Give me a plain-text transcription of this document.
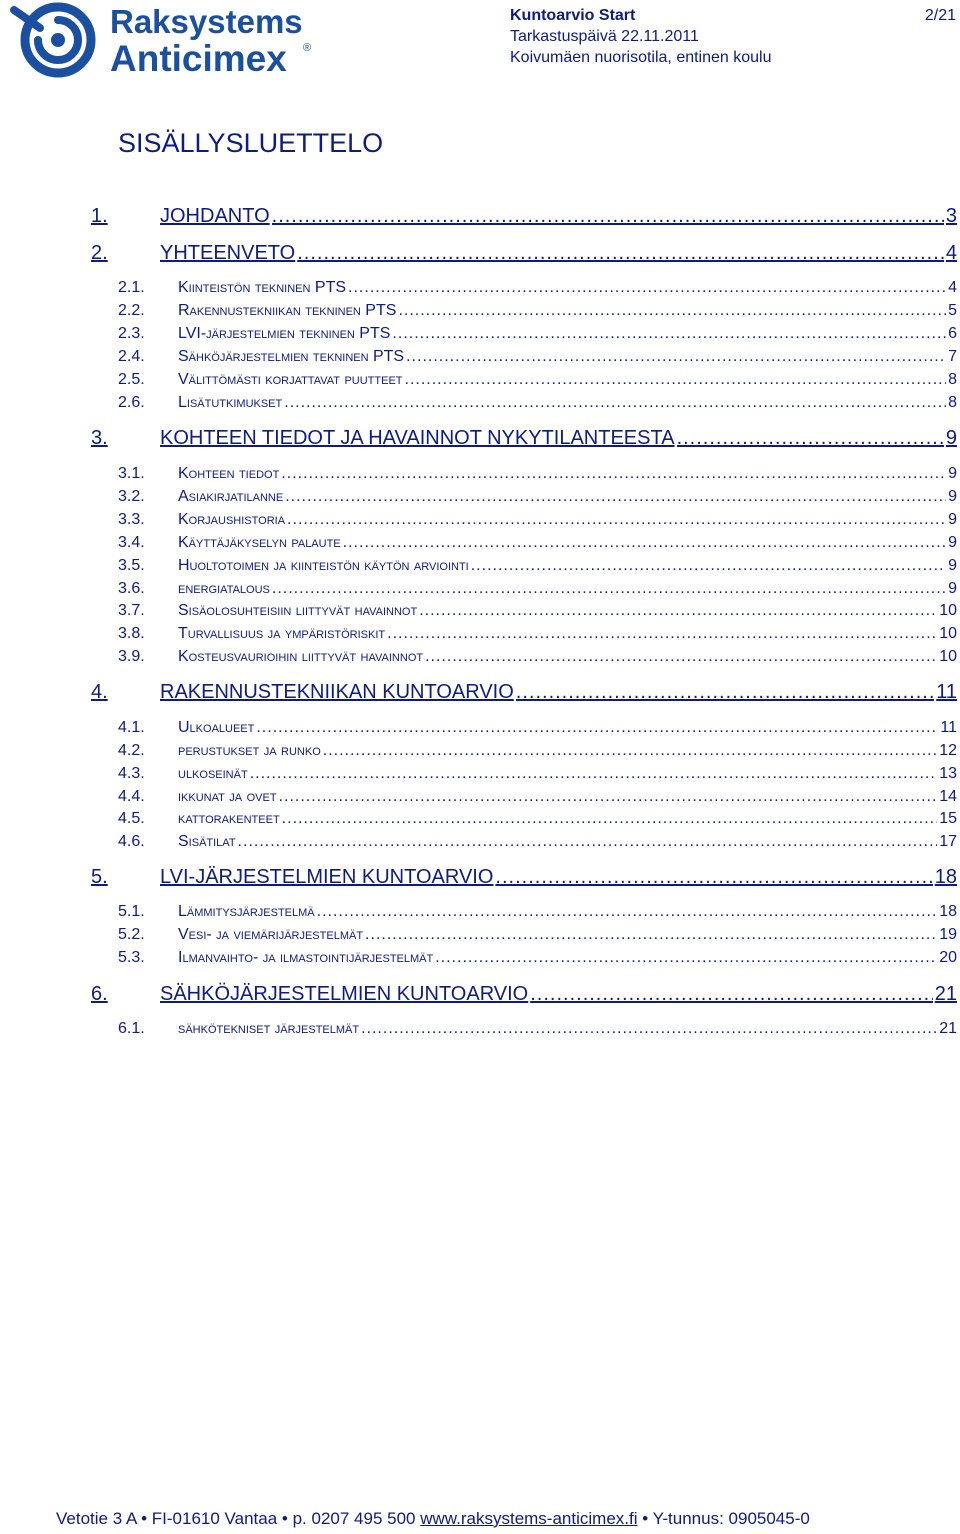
Raksystems
Anticimex ®
Kuntoarvio Start
Tarkastuspäivä 22.11.2011
Koivumäen nuorisotila, entinen koulu
2/21
SISÄLLYSLUETTELO
1.	JOHDANTO .....	3
2.	YHTEENVETO .....	4
2.1.	Kiinteistön tekninen PTS .....	4
2.2.	Rakennustekniikan tekninen PTS .....	5
2.3.	LVI-järjestelmien tekninen PTS .....	6
2.4.	Sähköjärjestelmien tekninen PTS .....	7
2.5.	Välittömästi korjattavat puutteet .....	8
2.6.	Lisätutkimukset .....	8
3.	KOHTEEN TIEDOT JA HAVAINNOT NYKYTILANTEESTA .....	9
3.1.	Kohteen tiedot .....	9
3.2.	Asiakirjatilanne .....	9
3.3.	Korjaushistoria .....	9
3.4.	Käyttäjäkyselyn palaute .....	9
3.5.	Huoltotoimen ja kiinteistön käytön arviointi .....	9
3.6.	energiatalous .....	9
3.7.	Sisäolosuhteisiin liittyvät havainnot .....	10
3.8.	Turvallisuus ja ympäristöriskit .....	10
3.9.	Kosteusvaurioihin liittyvät havainnot .....	10
4.	RAKENNUSTEKNIIKAN KUNTOARVIO .....	11
4.1.	Ulkoalueet .....	11
4.2.	perustukset ja runko .....	12
4.3.	ulkoseinät .....	13
4.4.	ikkunat ja ovet .....	14
4.5.	kattorakenteet .....	15
4.6.	Sisätilat .....	17
5.	LVI-JÄRJESTELMIEN KUNTOARVIO .....	18
5.1.	Lämmitysjärjestelmä .....	18
5.2.	Vesi- ja viemärijärjestelmät .....	19
5.3.	Ilmanvaihto- ja ilmastointijärjestelmät .....	20
6.	SÄHKÖJÄRJESTELMIEN KUNTOARVIO .....	21
6.1.	sähkötekniset järjestelmät .....	21
Vetotie 3 A • FI-01610 Vantaa • p. 0207 495 500 www.raksystems-anticimex.fi • Y-tunnus: 0905045-0
